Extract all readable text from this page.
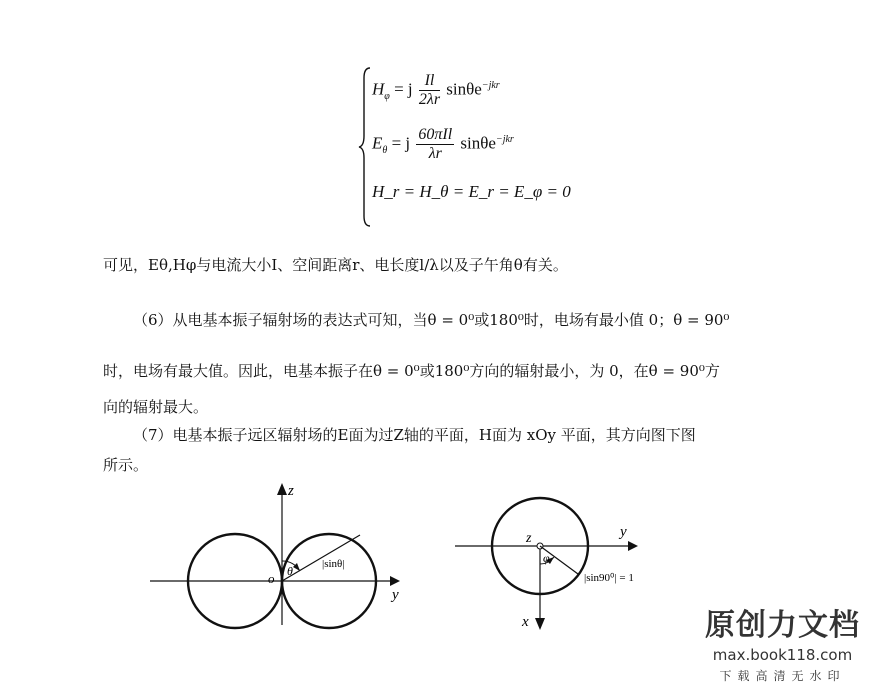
$H_\varphi = j \frac{Il}{2\lambda r} \sin\theta e^{-jkr}$
$E_\theta = j$ 60πIl
λr
sinθe$^{-jkr}$
H_r = H_θ = E_r = E_φ = 0
可见，Eθ,Hφ与电流大小I、空间距离r、电长度l/λ以及子午角θ有关。
（6）从电基本振子辐射场的表达式可知，当θ = 0⁰或180⁰时，电场有最小值 0；θ = 90⁰
时，电场有最大值。因此，电基本振子在θ = 0⁰或180⁰方向的辐射最小，为 0，在θ = 90⁰方
向的辐射最大。
（7）电基本振子远区辐射场的E面为过Z轴的平面，H面为 xOy 平面，其方向图下图
所示。
z
y
o θ	|sinθ|
z	y
x
φ
|sin90⁰| = 1
原创力文档
max.book118.com
下载高清无水印
